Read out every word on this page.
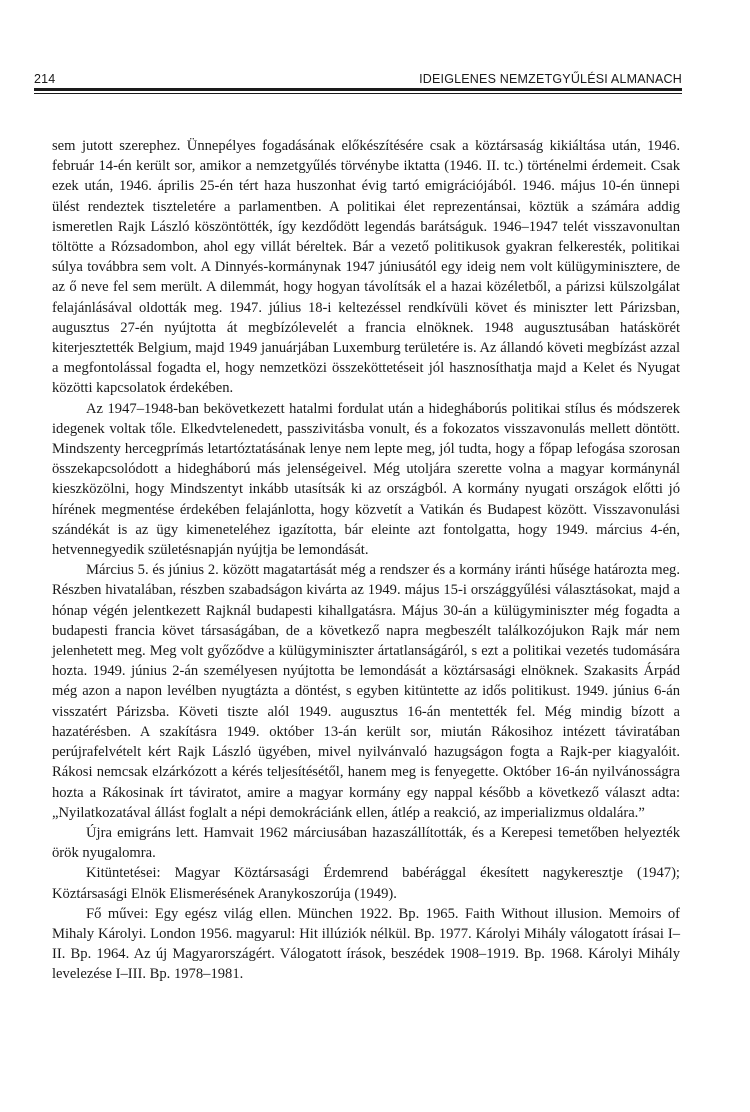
214	IDEIGLENES NEMZETGYŰLÉSI ALMANACH

sem jutott szerephez. Ünnepélyes fogadásának előkészítésére csak a köztársaság kikiáltása után, 1946. február 14-én került sor, amikor a nemzetgyűlés törvénybe iktatta (1946. II. tc.) történelmi érdemeit. Csak ezek után, 1946. április 25-én tért haza huszonhat évig tartó emigrációjából. 1946. május 10-én ünnepi ülést rendeztek tiszteletére a parlamentben. A politikai élet reprezentánsai, köztük a számára addig ismeretlen Rajk László köszöntötték, így kezdődött legendás barátságuk. 1946–1947 telét visszavonultan töltötte a Rózsadombon, ahol egy villát béreltek. Bár a vezető politikusok gyakran felkeresték, politikai súlya továbbra sem volt. A Dinnyés-kormánynak 1947 júniusától egy ideig nem volt külügyminisztere, de az ő neve fel sem merült. A dilemmát, hogy hogyan távolítsák el a hazai közéletből, a párizsi külszolgálat felajánlásával oldották meg. 1947. július 18-i keltezéssel rendkívüli követ és miniszter lett Párizsban, augusztus 27-én nyújtotta át megbízólevelét a francia elnöknek. 1948 augusztusában hatáskörét kiterjesztették Belgium, majd 1949 januárjában Luxemburg területére is. Az állandó követi megbízást azzal a megfontolással fogadta el, hogy nemzetközi összeköttetéseit jól hasznosíthatja majd a Kelet és Nyugat közötti kapcsolatok érdekében.

Az 1947–1948-ban bekövetkezett hatalmi fordulat után a hidegháborús politikai stílus és módszerek idegenek voltak tőle. Elkedvtelenedett, passzivitásba vonult, és a fokozatos visszavonulás mellett döntött. Mindszenty hercegprímás letartóztatásának lenye nem lepte meg, jól tudta, hogy a főpap lefogása szorosan összekapcsolódott a hidegháború más jelenségeivel. Még utoljára szerette volna a magyar kormánynál kieszközölni, hogy Mindszentyt inkább utasítsák ki az országból. A kormány nyugati országok előtti jó hírének megmentése érdekében felajánlotta, hogy közvetít a Vatikán és Budapest között. Visszavonulási szándékát is az ügy kimeneteléhez igazította, bár eleinte azt fontolgatta, hogy 1949. március 4-én, hetvennegyedik születésnapján nyújtja be lemondását.

Március 5. és június 2. között magatartását még a rendszer és a kormány iránti hűsége határozta meg. Részben hivatalában, részben szabadságon kivárta az 1949. május 15-i országgyűlési választásokat, majd a hónap végén jelentkezett Rajknál budapesti kihallgatásra. Május 30-án a külügyminiszter még fogadta a budapesti francia követ társaságában, de a következő napra megbeszélt találkozójukon Rajk már nem jelenhetett meg. Meg volt győződve a külügyminiszter ártatlanságáról, s ezt a politikai vezetés tudomására hozta. 1949. június 2-án személyesen nyújtotta be lemondását a köztársasági elnöknek. Szakasits Árpád még azon a napon levélben nyugtázta a döntést, s egyben kitüntette az idős politikust. 1949. június 6-án visszatért Párizsba. Követi tiszte alól 1949. augusztus 16-án mentették fel. Még mindig bízott a hazatérésben. A szakításra 1949. október 13-án került sor, miután Rákosihoz intézett táviratában perújrafelvételt kért Rajk László ügyében, mivel nyilvánvaló hazugságon fogta a Rajk-per kiagyalóit. Rákosi nemcsak elzárkózott a kérés teljesítésétől, hanem meg is fenyegette. Október 16-án nyilvánosságra hozta a Rákosinak írt táviratot, amire a magyar kormány egy nappal később a következő választ adta: „Nyilatkozatával állást foglalt a népi demokráciánk ellen, átlép a reakció, az imperializmus oldalára.”

Újra emigráns lett. Hamvait 1962 márciusában hazaszállították, és a Kerepesi temetőben helyezték örök nyugalomra.

Kitüntetései: Magyar Köztársasági Érdemrend babérággal ékesített nagykeresztje (1947); Köztársasági Elnök Elismerésének Aranykoszorúja (1949).

Fő művei: Egy egész világ ellen. München 1922. Bp. 1965. Faith Without illusion. Memoirs of Mihaly Károlyi. London 1956. magyarul: Hit illúziók nélkül. Bp. 1977. Károlyi Mihály válogatott írásai I–II. Bp. 1964. Az új Magyarországért. Válogatott írások, beszédek 1908–1919. Bp. 1968. Károlyi Mihály levelezése I–III. Bp. 1978–1981.
